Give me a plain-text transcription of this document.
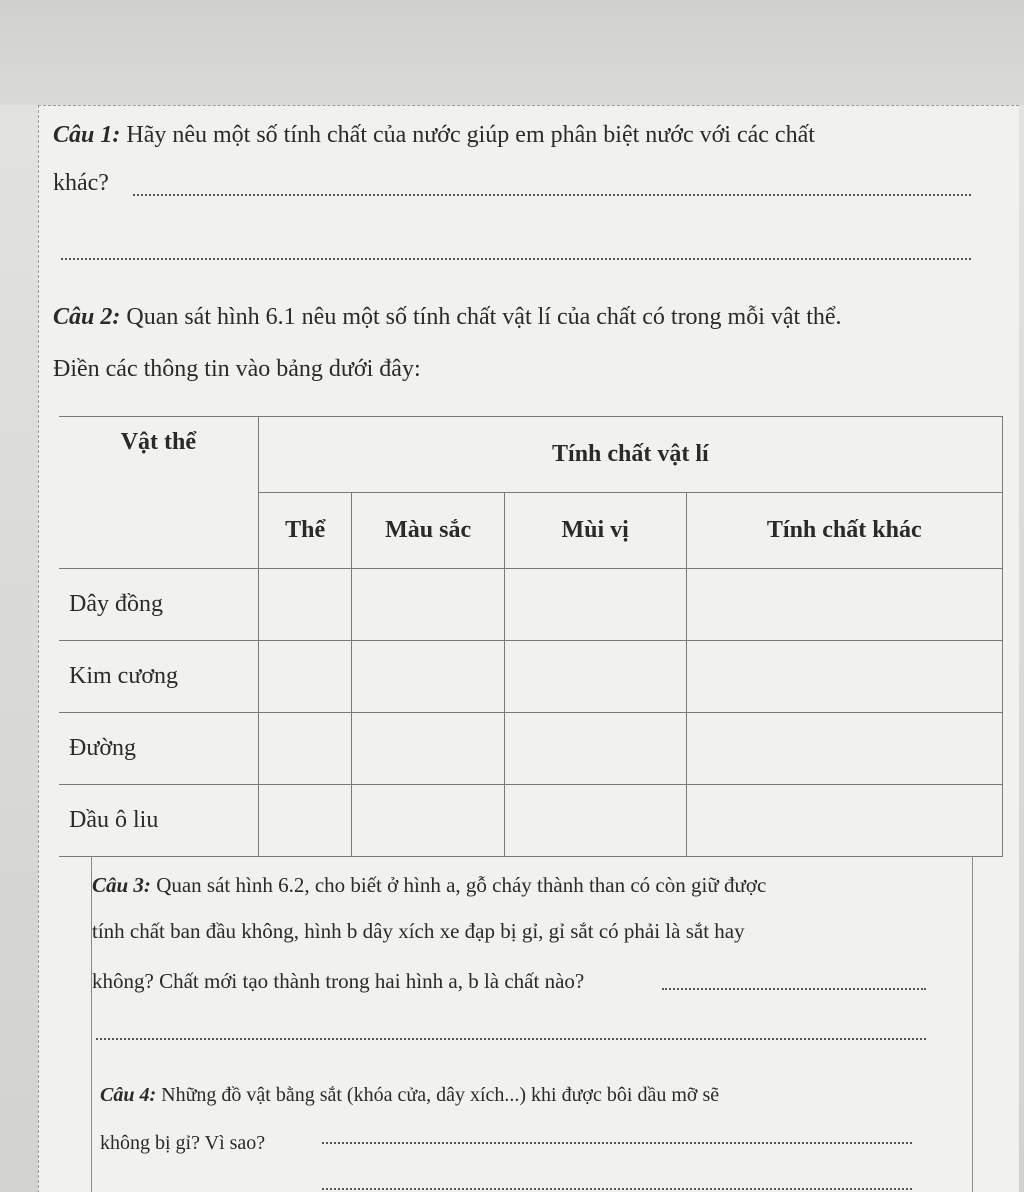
Câu 1: Hãy nêu một số tính chất của nước giúp em phân biệt nước với các chất
khác?
Câu 2: Quan sát hình 6.1 nêu một số tính chất vật lí của chất có trong mỗi vật thể.
Điền các thông tin vào bảng dưới đây:
Vật thể	Tính chất vật lí			
	Thể	Màu sắc	Mùi vị	Tính chất khác
Dây đồng				
Kim cương				
Đường				
Dầu ô liu				
Câu 3: Quan sát hình 6.2, cho biết ở hình a, gỗ cháy thành than có còn giữ được
tính chất ban đầu không, hình b dây xích xe đạp bị gỉ, gỉ sắt có phải là sắt hay
không? Chất mới tạo thành trong hai hình a, b là chất nào?
Câu 4: Những đồ vật bằng sắt (khóa cửa, dây xích...) khi được bôi dầu mỡ sẽ
không bị gỉ? Vì sao?
